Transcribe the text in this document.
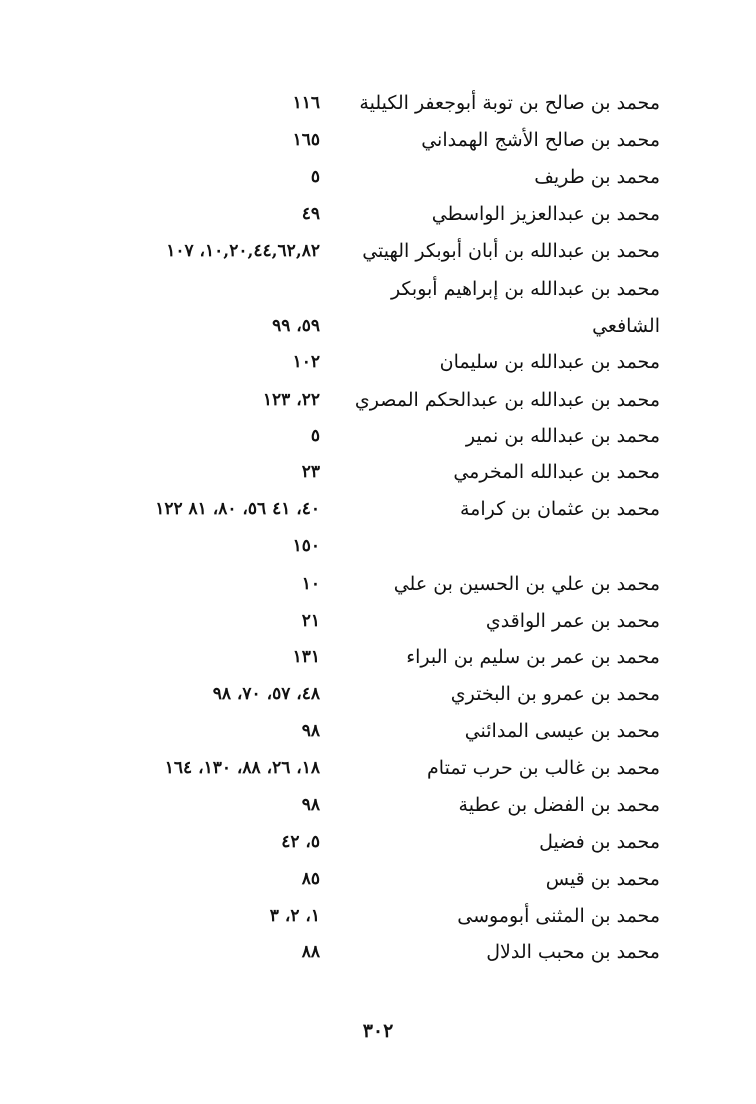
محمد بن صالح بن توبة أبوجعفر الكيلية
١١٦
محمد بن صالح الأشج الهمداني
١٦٥
محمد بن طريف
٥
محمد بن عبدالعزيز الواسطي
٤٩
محمد بن عبدالله بن أبان أبوبكر الهيتي
١٠,٢٠,٤٤,٦٢,٨٢، ١٠٧
محمد بن عبدالله بن إبراهيم أبوبكر
الشافعي
٥٩، ٩٩
محمد بن عبدالله بن سليمان
١٠٢
محمد بن عبدالله بن عبدالحكم المصري
٢٢، ١٢٣
محمد بن عبدالله بن نمير
٥
محمد بن عبدالله المخرمي
٢٣
محمد بن عثمان بن كرامة
٤٠، ٤١ ٥٦، ٨٠، ٨١ ١٢٢
١٥٠
محمد بن علي بن الحسين بن علي
١٠
محمد بن عمر الواقدي
٢١
محمد بن عمر بن سليم بن البراء
١٣١
محمد بن عمرو بن البختري
٤٨، ٥٧، ٧٠، ٩٨
محمد بن عيسى المدائني
٩٨
محمد بن غالب بن حرب تمتام
١٨، ٢٦، ٨٨، ١٣٠، ١٦٤
محمد بن الفضل بن عطية
٩٨
محمد بن فضيل
٥، ٤٢
محمد بن قيس
٨٥
محمد بن المثنى أبوموسى
١، ٢، ٣
محمد بن محبب الدلال
٨٨
٣٠٢
